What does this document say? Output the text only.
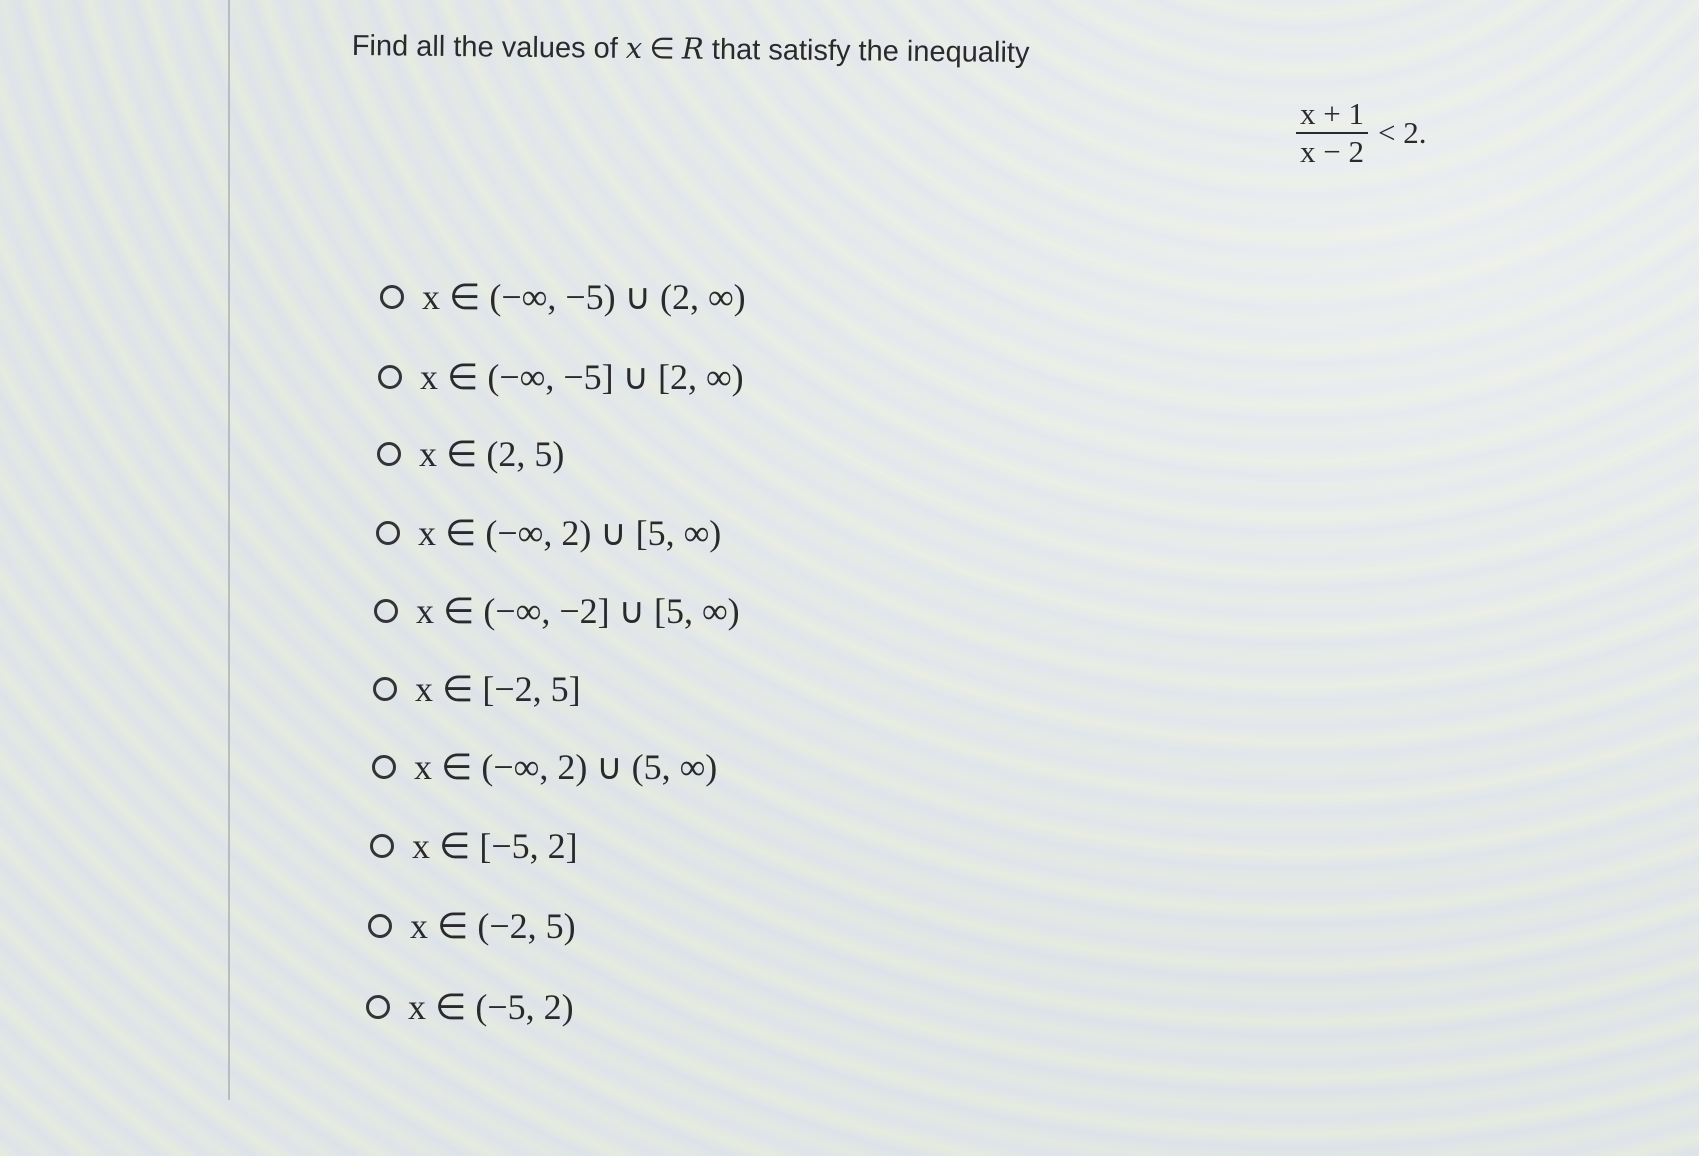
Find all the values of x ∈ R that satisfy the inequality
$\frac{x + 1}{x - 2} < 2$.
x ∈ (−∞, −5) ∪ (2, ∞)
x ∈ (−∞, −5] ∪ [2, ∞)
x ∈ (2, 5)
x ∈ (−∞, 2) ∪ [5, ∞)
x ∈ (−∞, −2] ∪ [5, ∞)
x ∈ [−2, 5]
x ∈ (−∞, 2) ∪ (5, ∞)
x ∈ [−5, 2]
x ∈ (−2, 5)
x ∈ (−5, 2)
